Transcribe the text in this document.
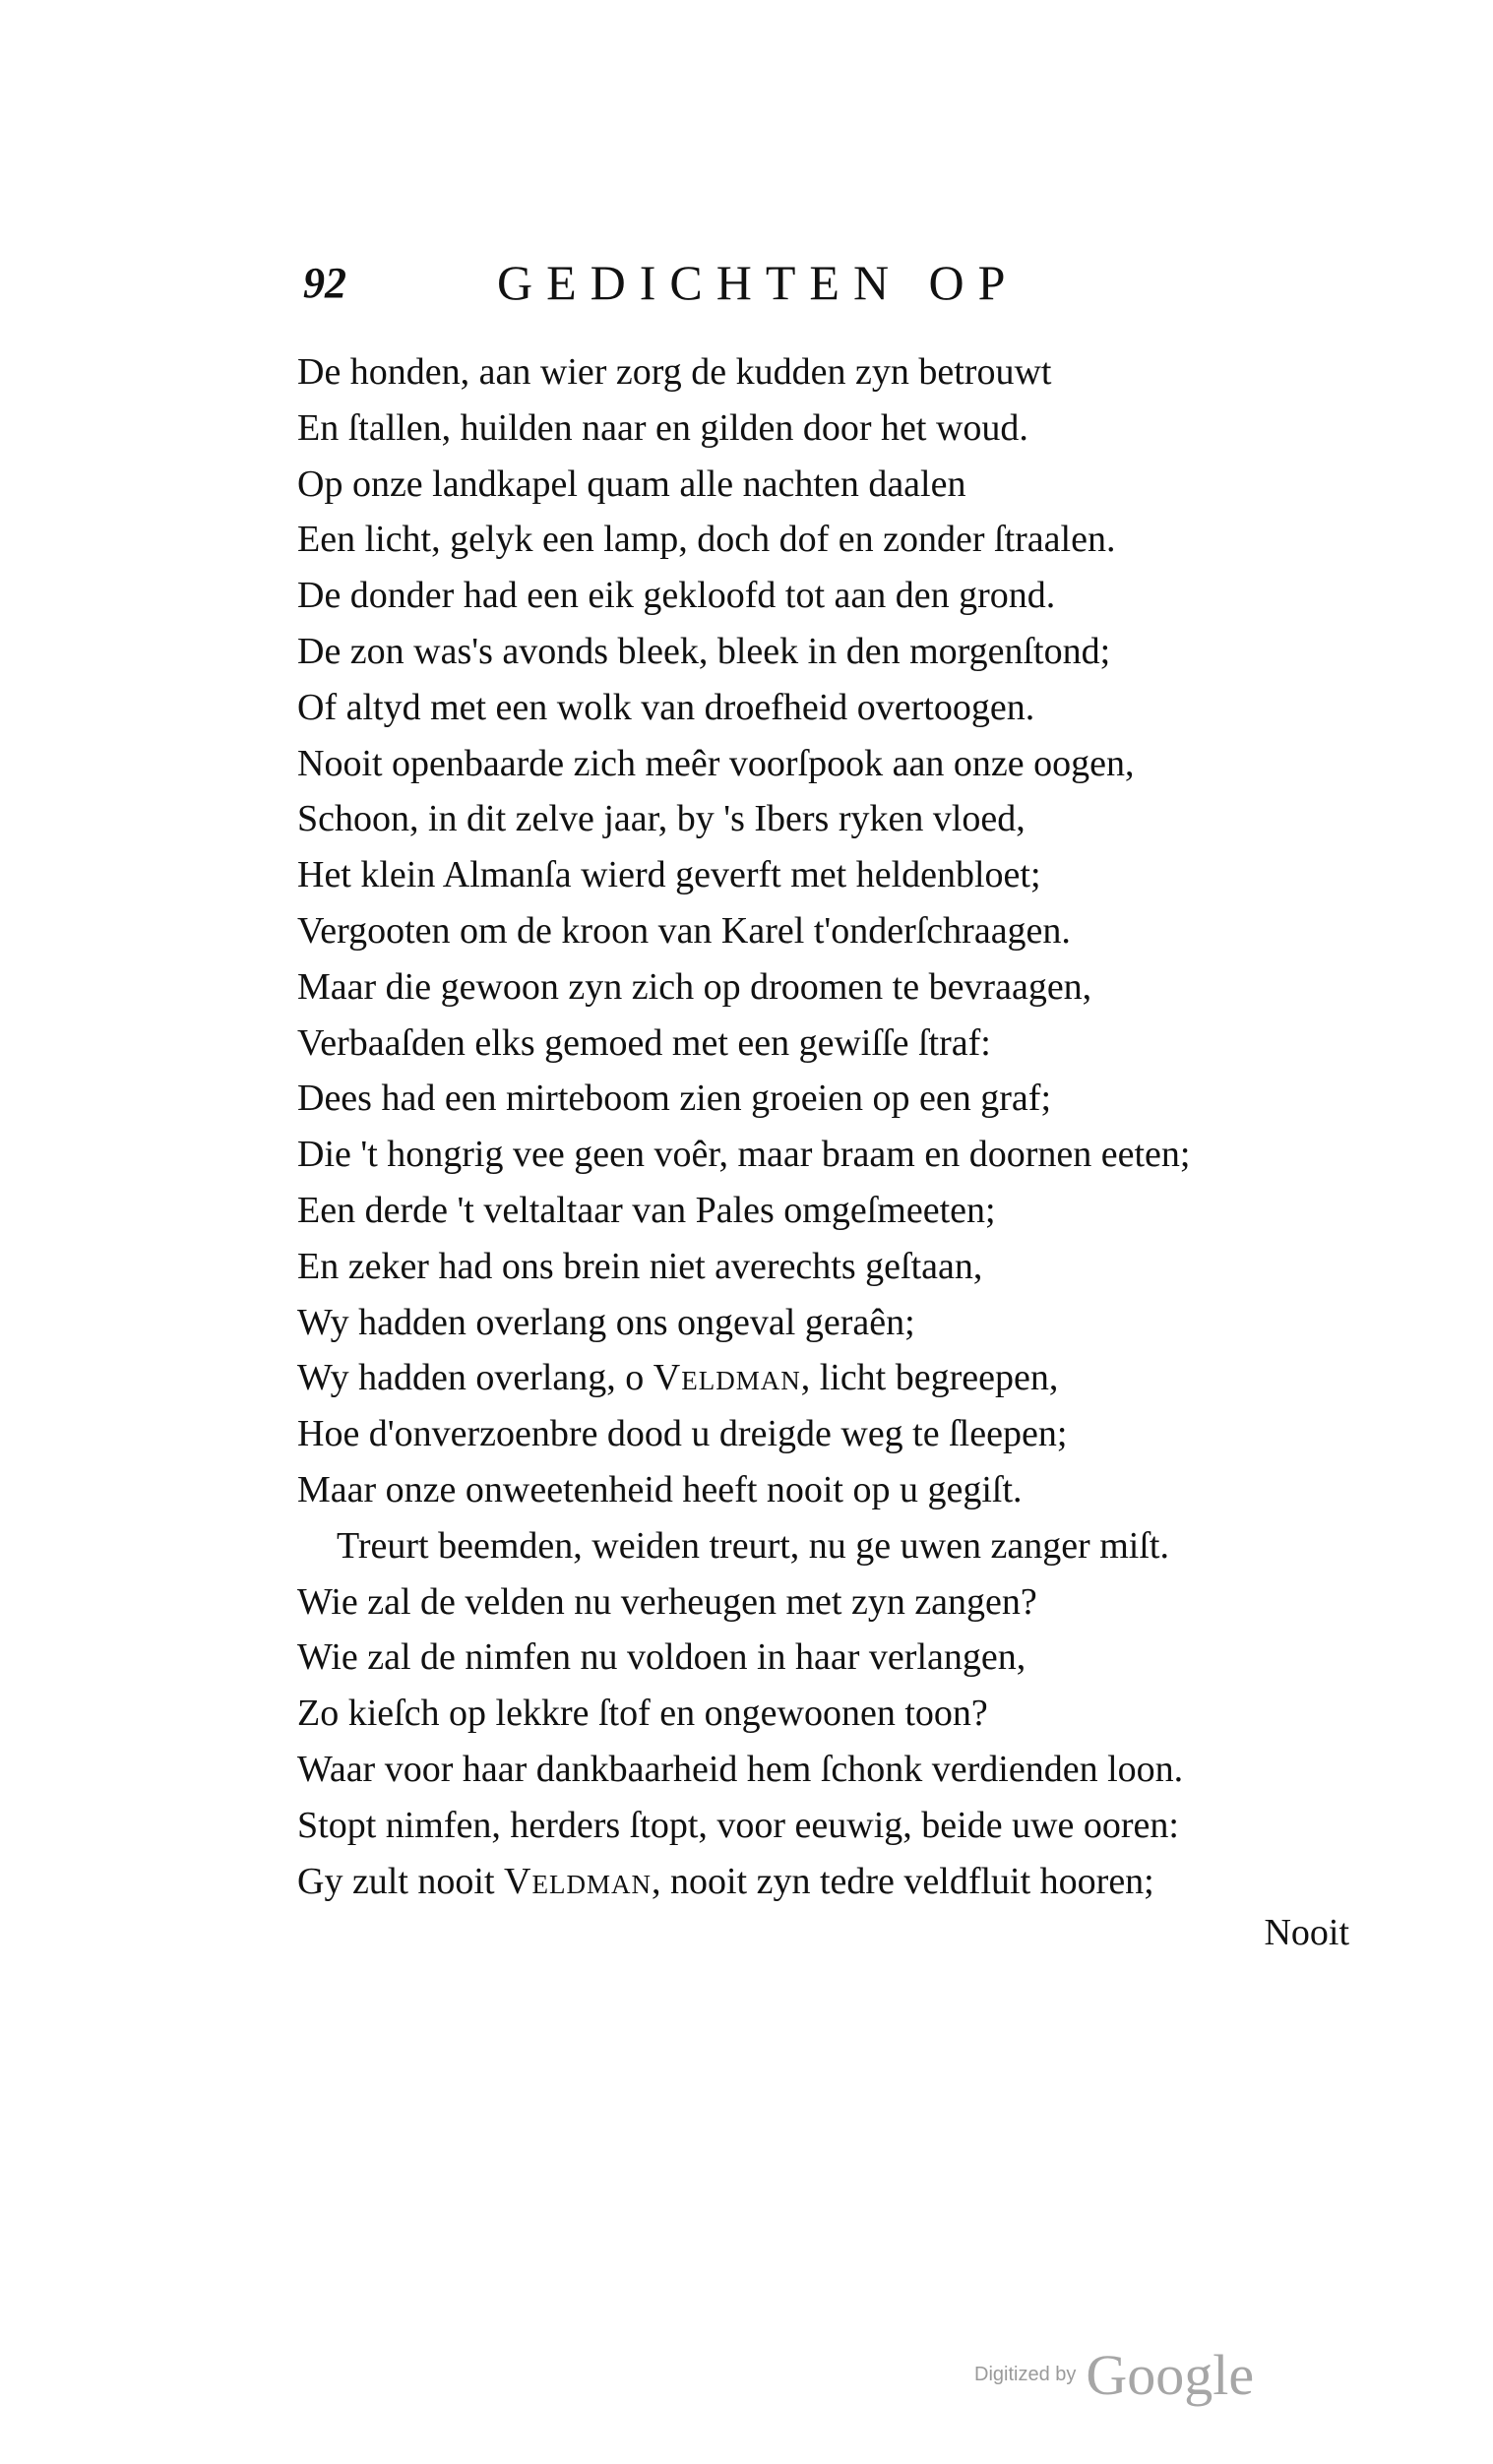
92	GEDICHTEN OP
De honden, aan wier zorg de kudden zyn betrouwt
En ſtallen, huilden naar en gilden door het woud.
Op onze landkapel quam alle nachten daalen
Een licht, gelyk een lamp, doch dof en zonder ſtraalen.
De donder had een eik gekloofd tot aan den grond.
De zon was's avonds bleek, bleek in den morgenſtond;
Of altyd met een wolk van droefheid overtoogen.
Nooit openbaarde zich meêr voorſpook aan onze oogen,
Schoon, in dit zelve jaar, by 's Ibers ryken vloed,
Het klein Almanſa wierd geverft met heldenbloet;
Vergooten om de kroon van Karel t'onderſchraagen.
Maar die gewoon zyn zich op droomen te bevraagen,
Verbaaſden elks gemoed met een gewiſſe ſtraf:
Dees had een mirteboom zien groeien op een graf;
Die 't hongrig vee geen voêr, maar braam en doornen eeten;
Een derde 't veltaltaar van Pales omgeſmeeten;
En zeker had ons brein niet averechts geſtaan,
Wy hadden overlang ons ongeval geraên;
Wy hadden overlang, o Veldman, licht begreepen,
Hoe d'onverzoenbre dood u dreigde weg te ſleepen;
Maar onze onweetenheid heeft nooit op u gegiſt.
Treurt beemden, weiden treurt, nu ge uwen zanger miſt.
Wie zal de velden nu verheugen met zyn zangen?
Wie zal de nimfen nu voldoen in haar verlangen,
Zo kieſch op lekkre ſtof en ongewoonen toon?
Waar voor haar dankbaarheid hem ſchonk verdienden loon.
Stopt nimfen, herders ſtopt, voor eeuwig, beide uwe ooren:
Gy zult nooit Veldman, nooit zyn tedre veldfluit hooren;
Nooit
Digitized by Google
